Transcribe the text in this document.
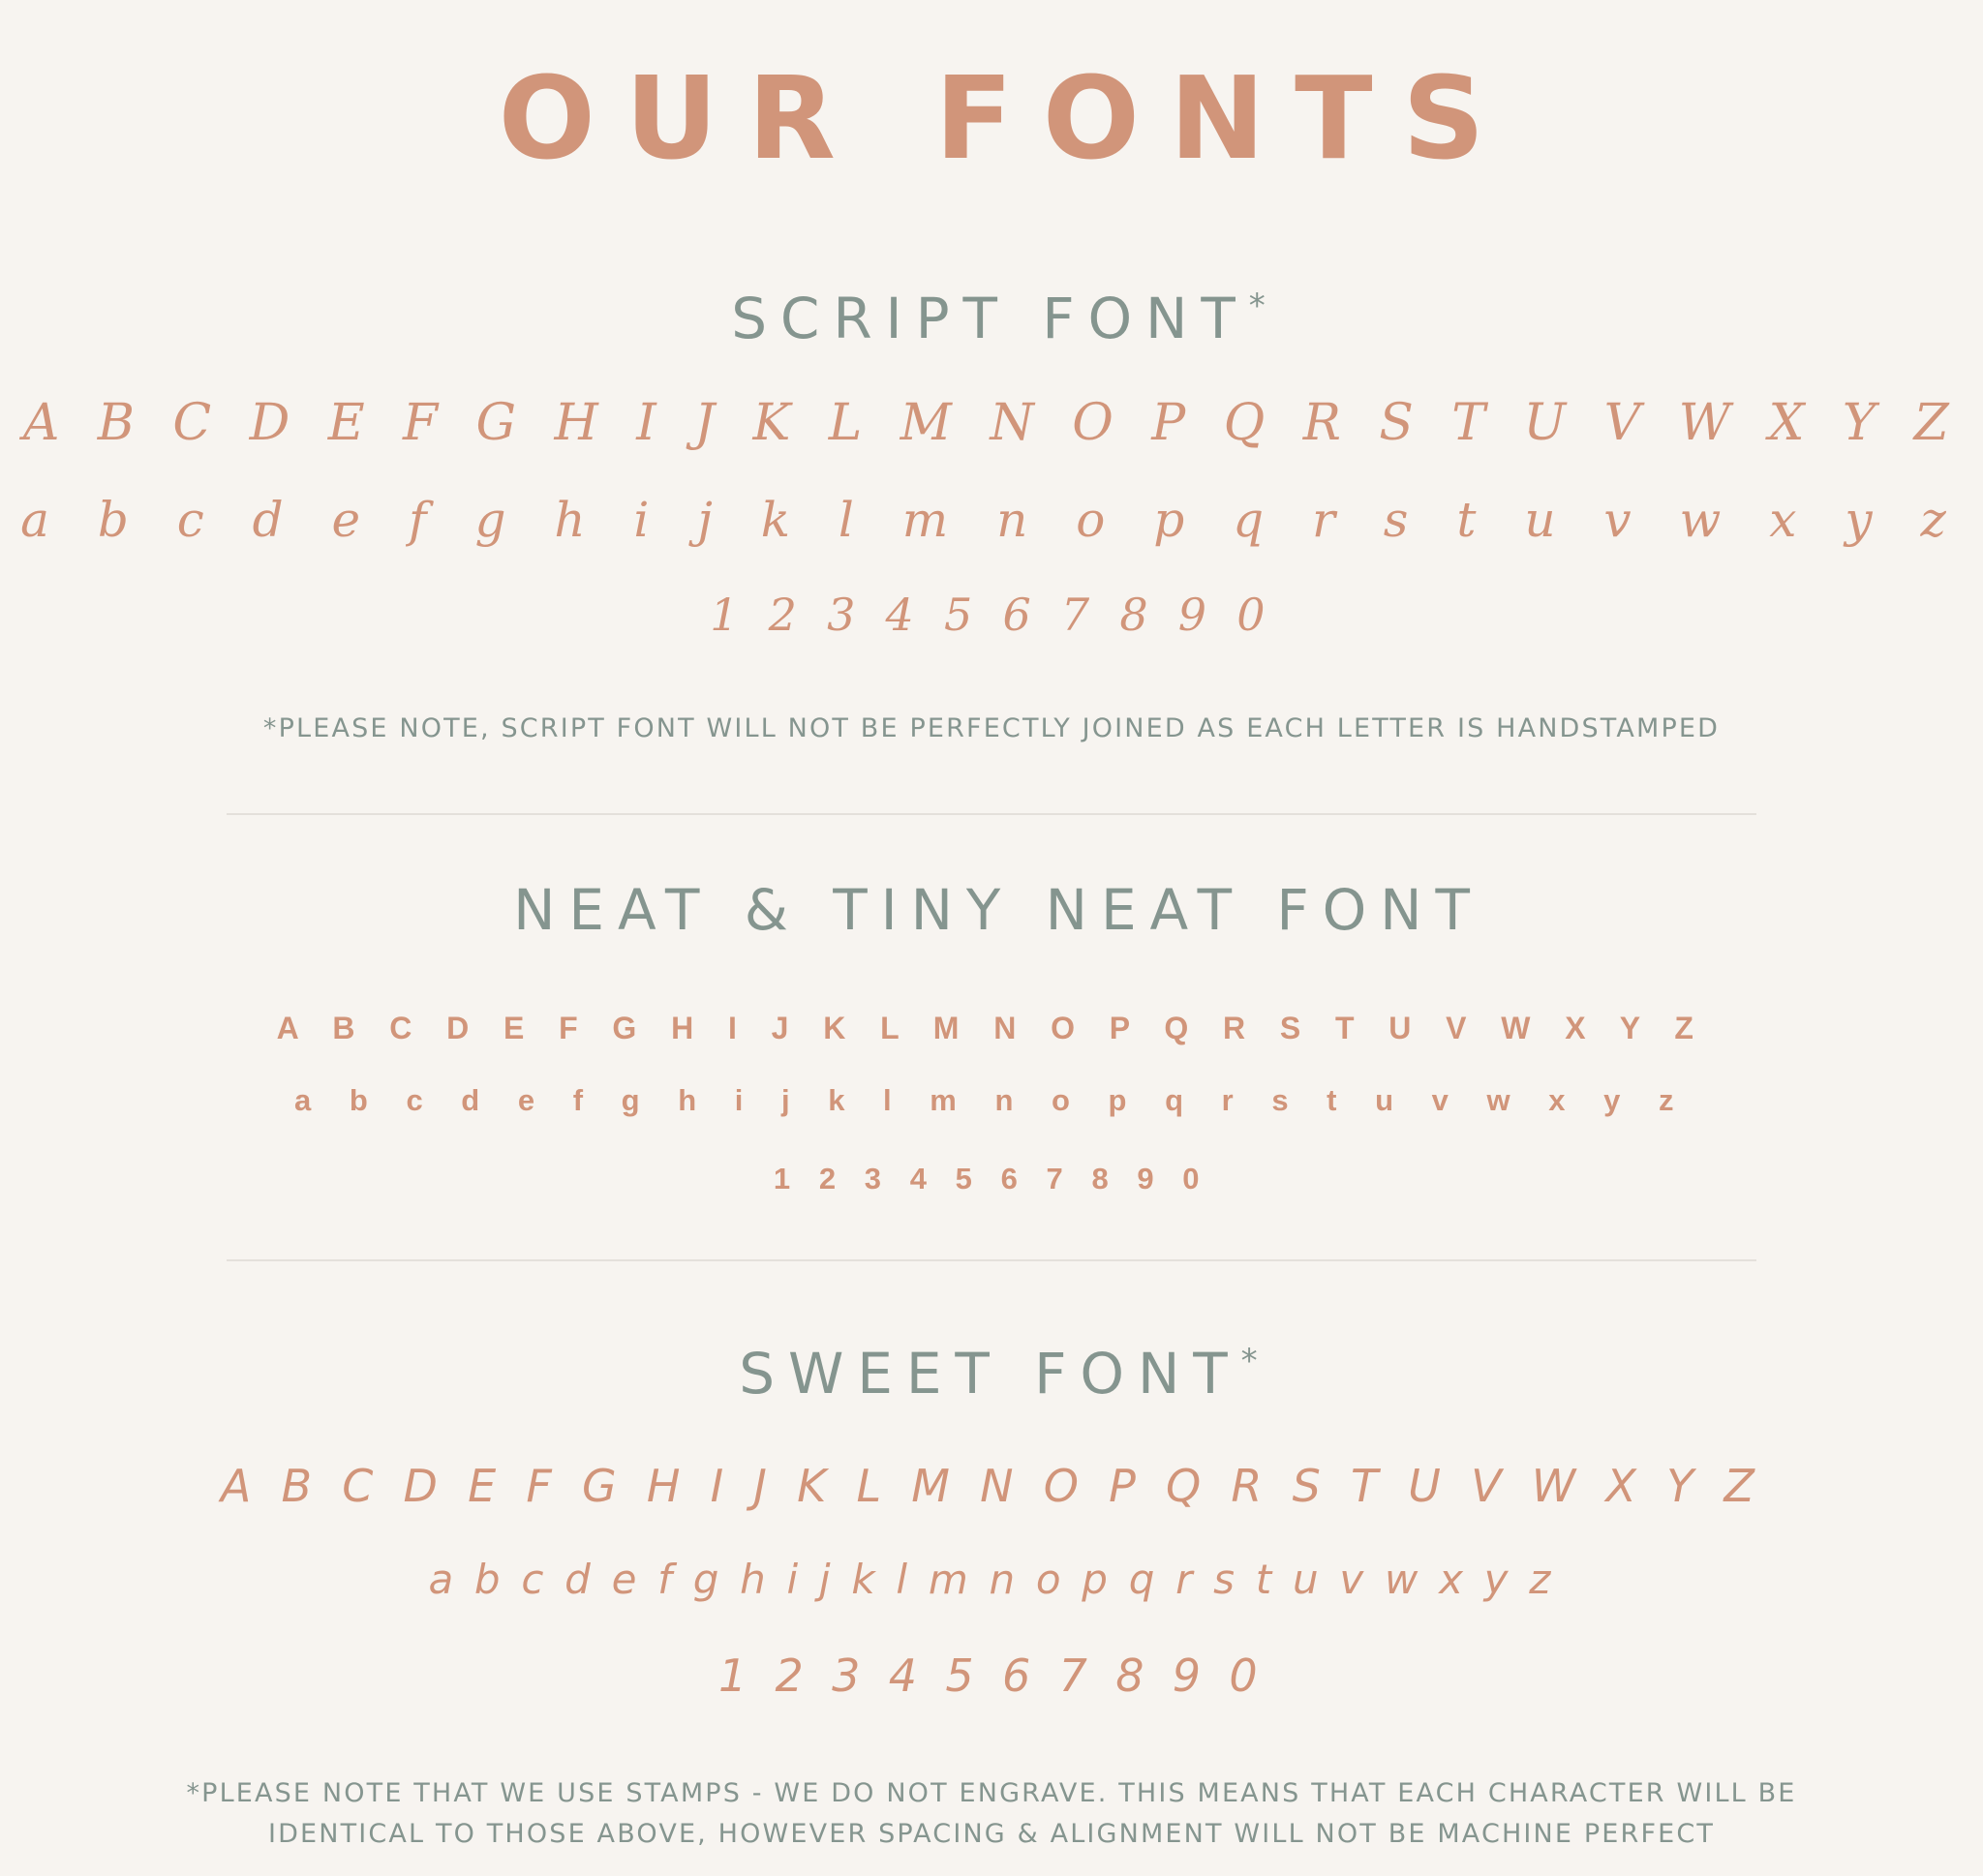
OUR FONTS
SCRIPT FONT*
A B C D E F G H I J K L M N O P Q R S T U V W X Y Z
a b c d e f g h i j k l m n o p q r s t u v w x y z
1 2 3 4 5 6 7 8 9 0
*PLEASE NOTE, SCRIPT FONT WILL NOT BE PERFECTLY JOINED AS EACH LETTER IS HANDSTAMPED
NEAT & TINY NEAT FONT
A B C D E F G H I J K L M N O P Q R S T U V W X Y Z
a b c d e f g h i j k l m n o p q r s t u v w x y z
1 2 3 4 5 6 7 8 9 0
SWEET FONT*
A B C D E F G H I J K L M N O P Q R S T U V W X Y Z
a b c d e f g h i j k l m n o p q r s t u v w x y z
1 2 3 4 5 6 7 8 9 0
*PLEASE NOTE THAT WE USE STAMPS - WE DO NOT ENGRAVE. THIS MEANS THAT EACH CHARACTER WILL BE
IDENTICAL TO THOSE ABOVE, HOWEVER SPACING & ALIGNMENT WILL NOT BE MACHINE PERFECT
